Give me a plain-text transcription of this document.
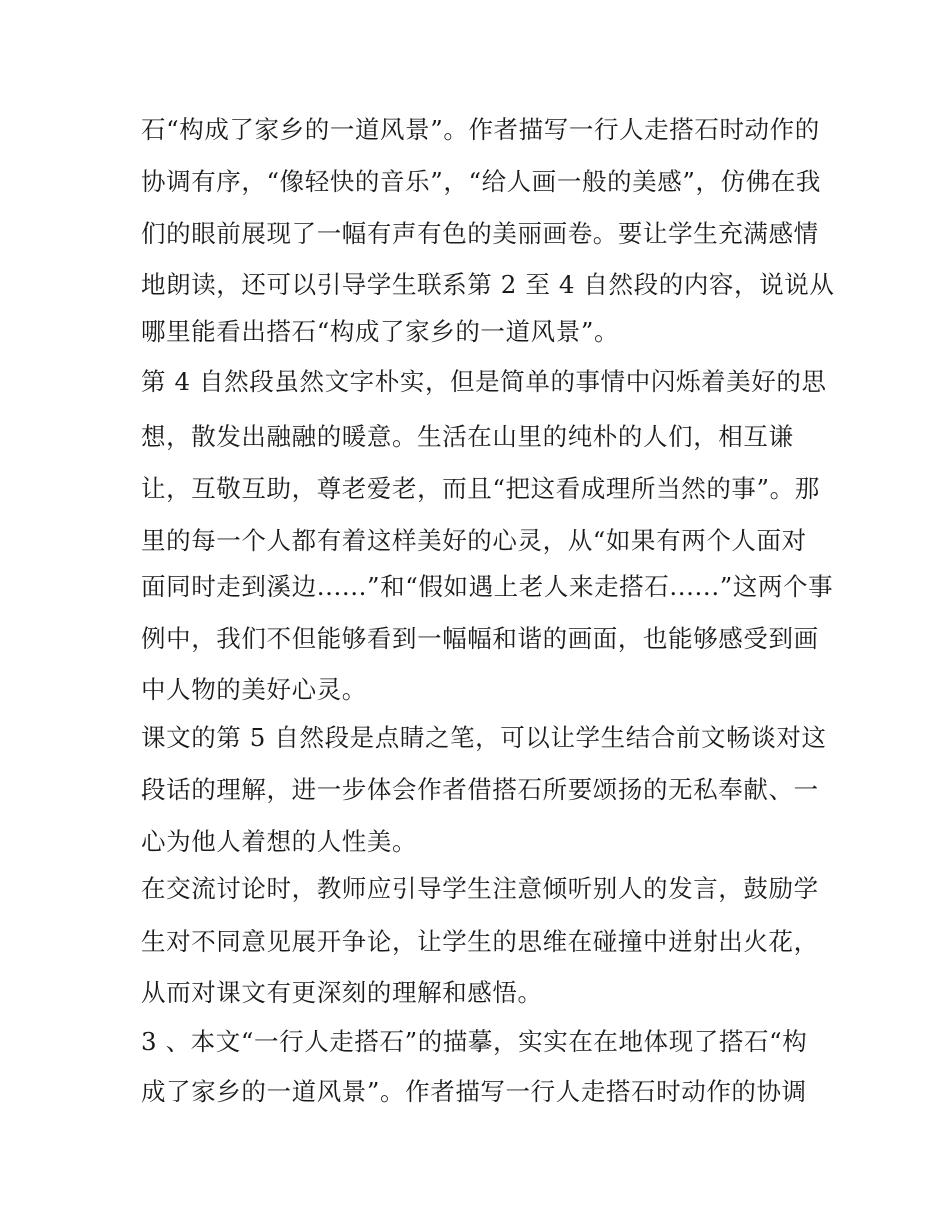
石“构成了家乡的一道风景”。作者描写一行人走搭石时动作的
协调有序，“像轻快的音乐”，“给人画一般的美感”，仿佛在我
们的眼前展现了一幅有声有色的美丽画卷。要让学生充满感情
地朗读，还可以引导学生联系第 2 至 4 自然段的内容，说说从
哪里能看出搭石“构成了家乡的一道风景”。
第 4 自然段虽然文字朴实，但是简单的事情中闪烁着美好的思
想，散发出融融的暖意。生活在山里的纯朴的人们，相互谦
让，互敬互助，尊老爱老，而且“把这看成理所当然的事”。那
里的每一个人都有着这样美好的心灵，从“如果有两个人面对
面同时走到溪边......”和“假如遇上老人来走搭石......”这两个事
例中，我们不但能够看到一幅幅和谐的画面，也能够感受到画
中人物的美好心灵。
课文的第 5 自然段是点睛之笔，可以让学生结合前文畅谈对这
段话的理解，进一步体会作者借搭石所要颂扬的无私奉献、一
心为他人着想的人性美。
在交流讨论时，教师应引导学生注意倾听别人的发言，鼓励学
生对不同意见展开争论，让学生的思维在碰撞中迸射出火花，
从而对课文有更深刻的理解和感悟。
3 、本文“一行人走搭石”的描摹，实实在在地体现了搭石“构
成了家乡的一道风景”。作者描写一行人走搭石时动作的协调
